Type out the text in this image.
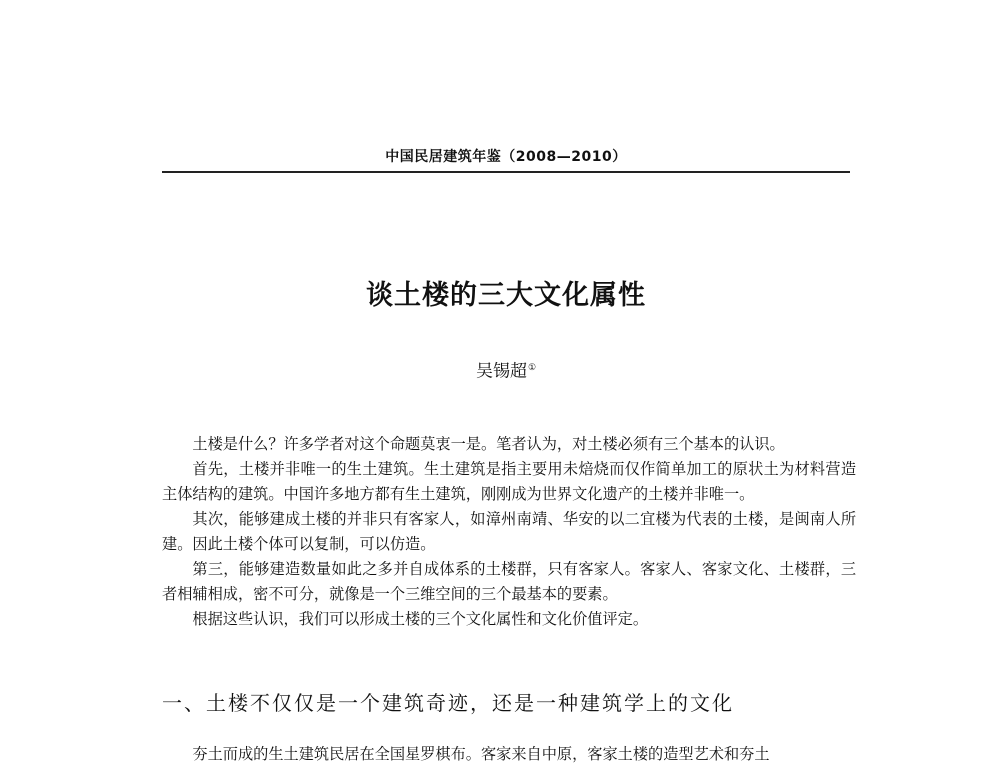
中国民居建筑年鉴（2008—2010）
谈土楼的三大文化属性
吴锡超①

土楼是什么？许多学者对这个命题莫衷一是。笔者认为，对土楼必须有三个基本的认识。

首先，土楼并非唯一的生土建筑。生土建筑是指主要用未焙烧而仅作简单加工的原状土为材料营造主体结构的建筑。中国许多地方都有生土建筑，刚刚成为世界文化遗产的土楼并非唯一。

其次，能够建成土楼的并非只有客家人，如漳州南靖、华安的以二宜楼为代表的土楼，是闽南人所建。因此土楼个体可以复制，可以仿造。

第三，能够建造数量如此之多并自成体系的土楼群，只有客家人。客家人、客家文化、土楼群，三者相辅相成，密不可分，就像是一个三维空间的三个最基本的要素。

根据这些认识，我们可以形成土楼的三个文化属性和文化价值评定。

一、土楼不仅仅是一个建筑奇迹，还是一种建筑学上的文化
夯土而成的生土建筑民居在全国星罗棋布。客家来自中原，客家土楼的造型艺术和夯土
